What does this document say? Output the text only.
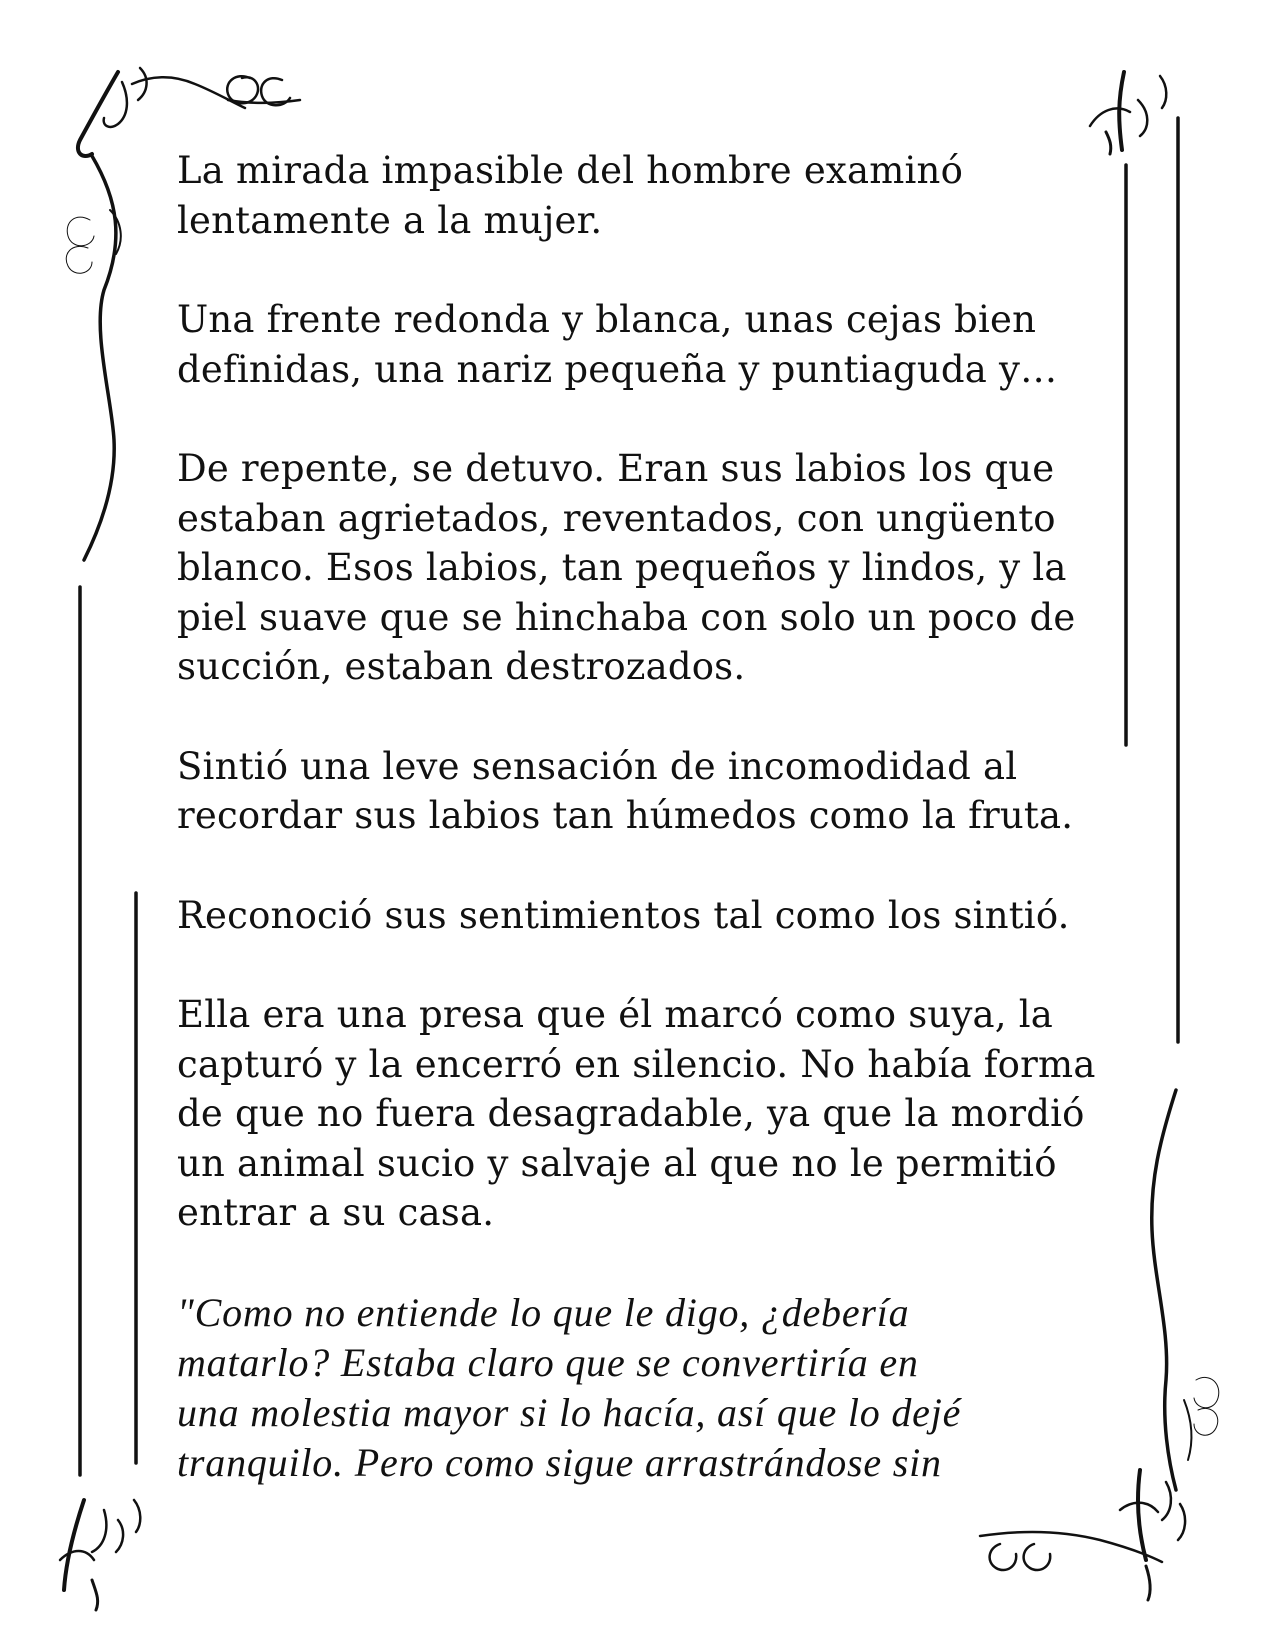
La mirada impasible del hombre examinó
lentamente a la mujer.

Una frente redonda y blanca, unas cejas bien
definidas, una nariz pequeña y puntiaguda y…

De repente, se detuvo. Eran sus labios los que
estaban agrietados, reventados, con ungüento
blanco. Esos labios, tan pequeños y lindos, y la
piel suave que se hinchaba con solo un poco de
succión, estaban destrozados.

Sintió una leve sensación de incomodidad al
recordar sus labios tan húmedos como la fruta.

Reconoció sus sentimientos tal como los sintió.

Ella era una presa que él marcó como suya, la
capturó y la encerró en silencio. No había forma
de que no fuera desagradable, ya que la mordió
un animal sucio y salvaje al que no le permitió
entrar a su casa.

"Como no entiende lo que le digo, ¿debería
matarlo? Estaba claro que se convertiría en
una molestia mayor si lo hacía, así que lo dejé
tranquilo. Pero como sigue arrastrándose sin
